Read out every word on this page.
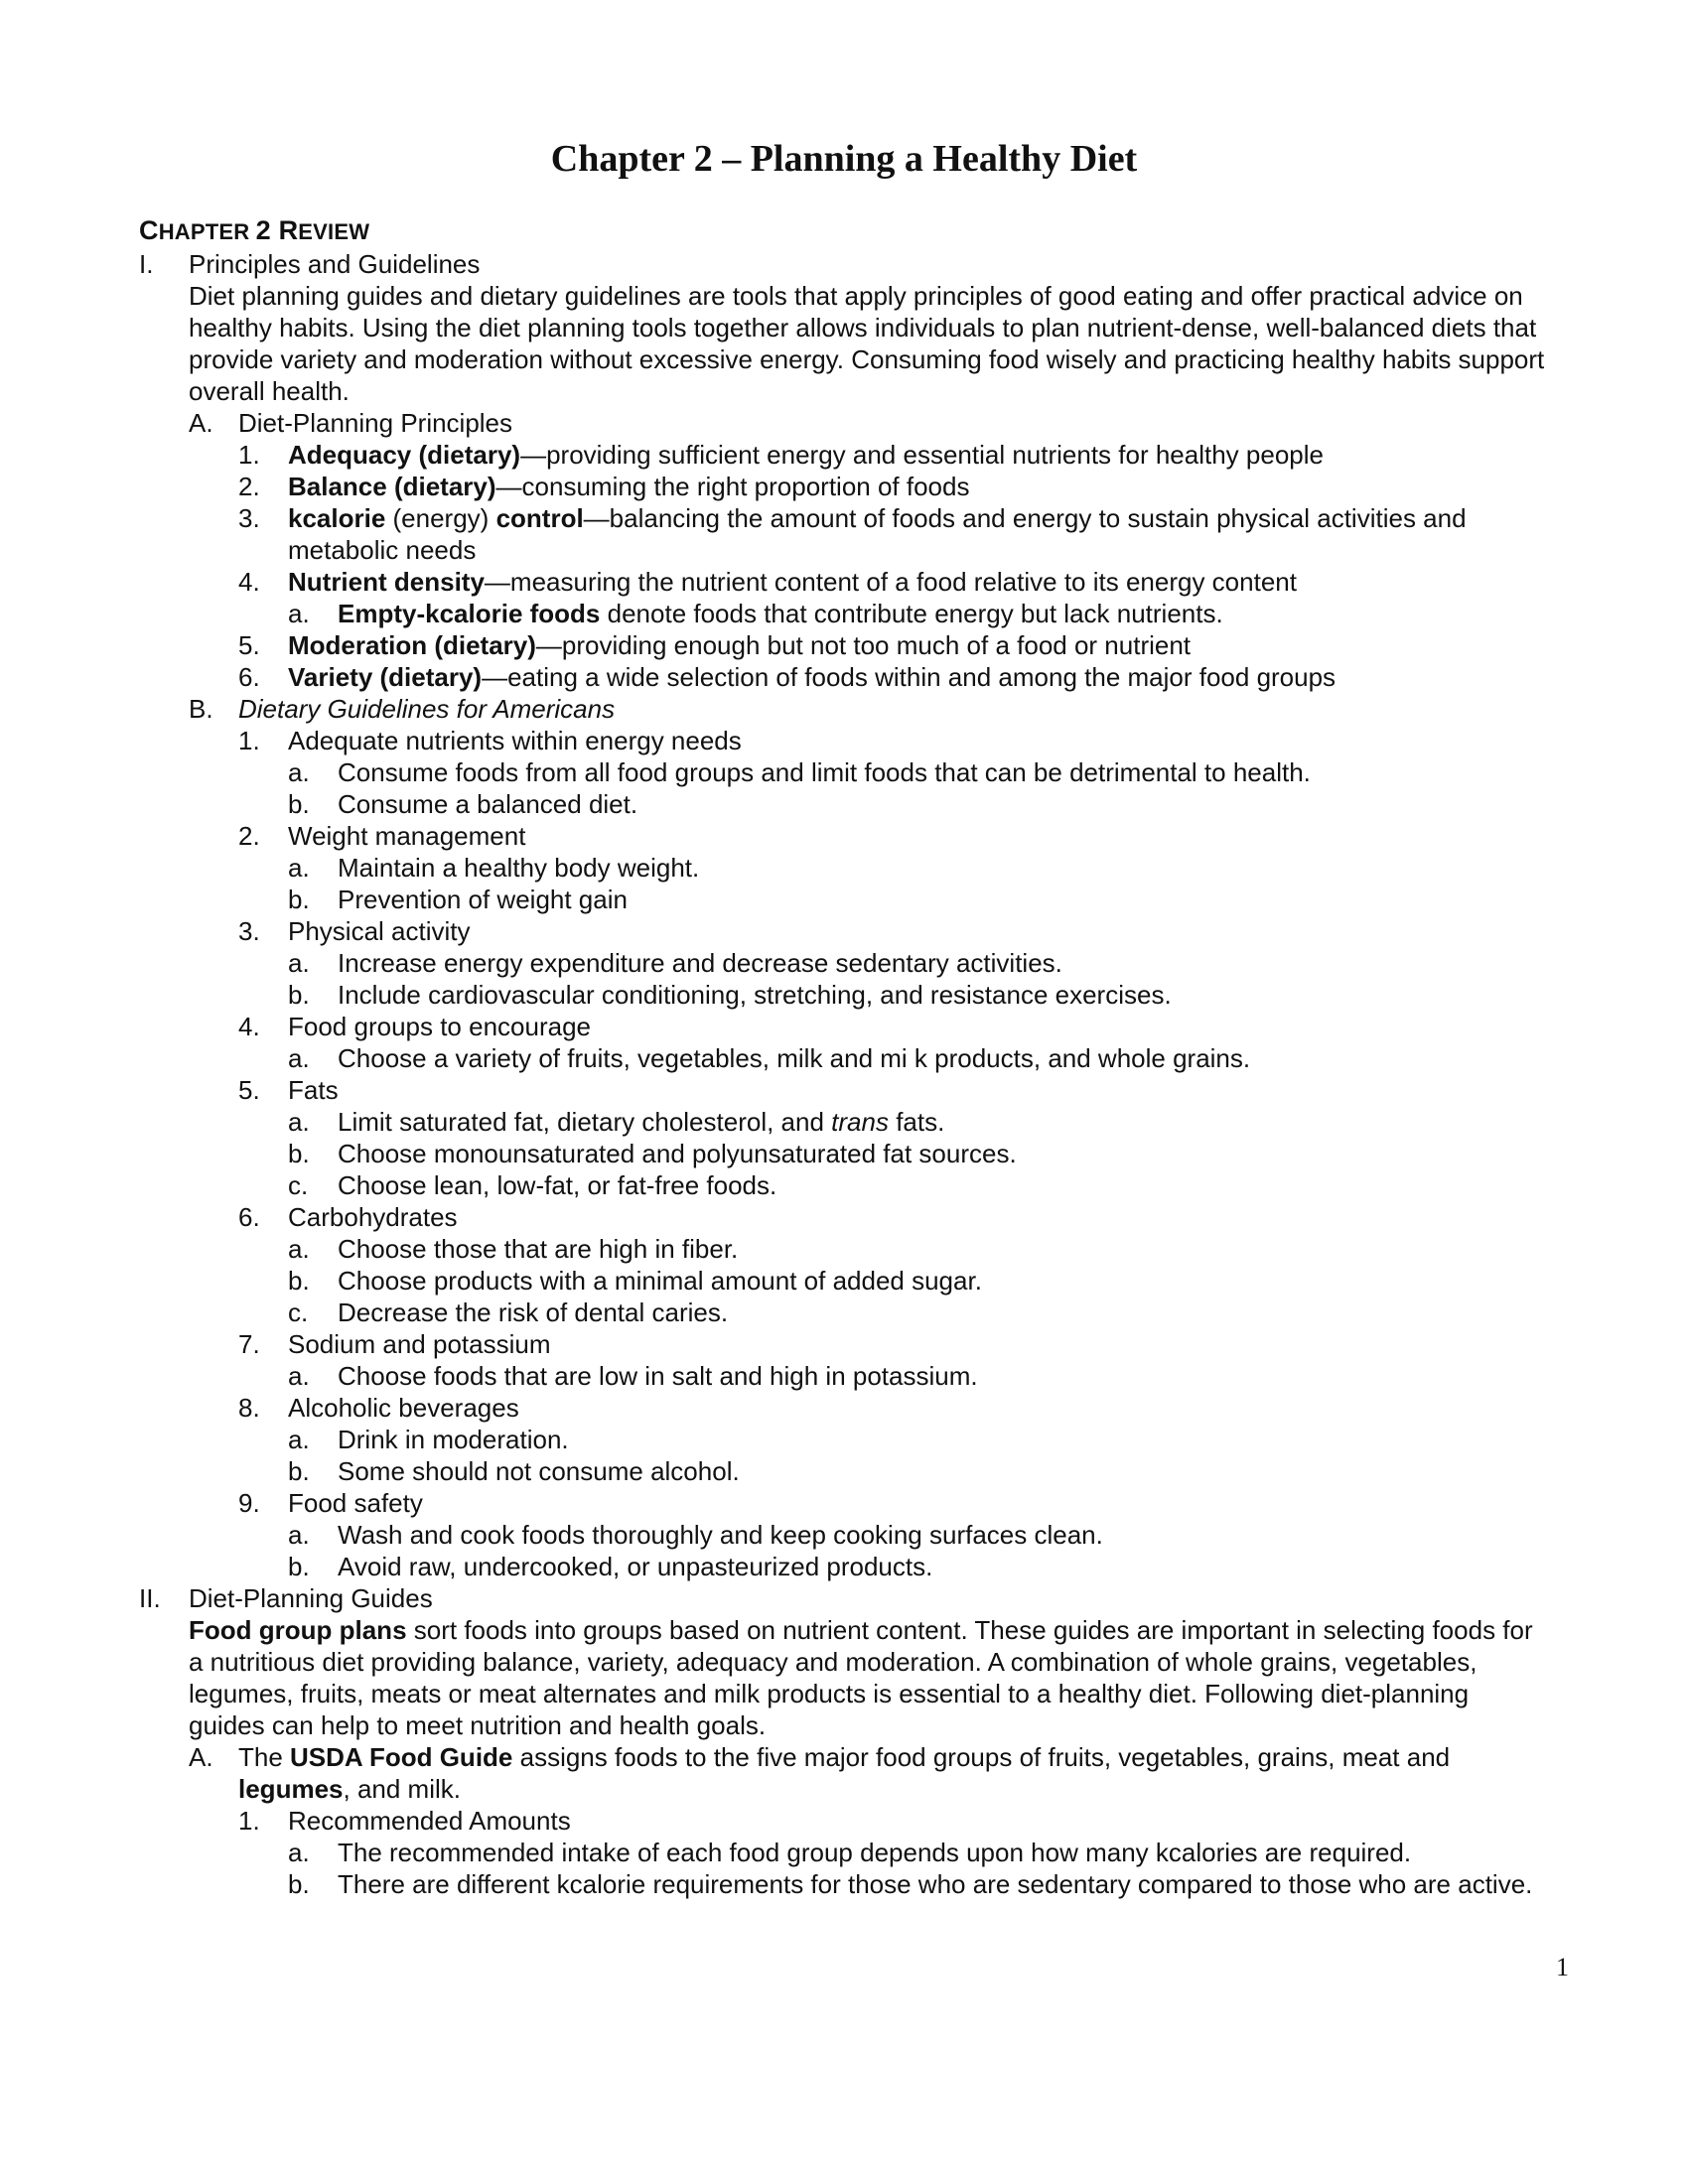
Chapter 2 – Planning a Healthy Diet

CHAPTER 2 REVIEW

I.	Principles and Guidelines
Diet planning guides and dietary guidelines are tools that apply principles of good eating and offer practical advice on healthy habits. Using the diet planning tools together allows individuals to plan nutrient-dense, well-balanced diets that provide variety and moderation without excessive energy. Consuming food wisely and practicing healthy habits support overall health.
A. Diet-Planning Principles
1.	Adequacy (dietary)—providing sufficient energy and essential nutrients for healthy people
2.	Balance (dietary)—consuming the right proportion of foods
3.	kcalorie (energy) control—balancing the amount of foods and energy to sustain physical activities and metabolic needs
4.	Nutrient density—measuring the nutrient content of a food relative to its energy content
a.	Empty-kcalorie foods denote foods that contribute energy but lack nutrients.
5.	Moderation (dietary)—providing enough but not too much of a food or nutrient
6.	Variety (dietary)—eating a wide selection of foods within and among the major food groups
B. Dietary Guidelines for Americans
1.	Adequate nutrients within energy needs
a.	Consume foods from all food groups and limit foods that can be detrimental to health.
b.	Consume a balanced diet.
2.	Weight management
a.	Maintain a healthy body weight.
b.	Prevention of weight gain
3.	Physical activity
a.	Increase energy expenditure and decrease sedentary activities.
b.	Include cardiovascular conditioning, stretching, and resistance exercises.
4.	Food groups to encourage
a.	Choose a variety of fruits, vegetables, milk and mi k products, and whole grains.
5.	Fats
a.	Limit saturated fat, dietary cholesterol, and trans fats.
b.	Choose monounsaturated and polyunsaturated fat sources.
c.	Choose lean, low-fat, or fat-free foods.
6.	Carbohydrates
a.	Choose those that are high in fiber.
b.	Choose products with a minimal amount of added sugar.
c.	Decrease the risk of dental caries.
7.	Sodium and potassium
a.	Choose foods that are low in salt and high in potassium.
8.	Alcoholic beverages
a.	Drink in moderation.
b.	Some should not consume alcohol.
9.	Food safety
a.	Wash and cook foods thoroughly and keep cooking surfaces clean.
b.	Avoid raw, undercooked, or unpasteurized products.
II.	Diet-Planning Guides
Food group plans sort foods into groups based on nutrient content. These guides are important in selecting foods for a nutritious diet providing balance, variety, adequacy and moderation. A combination of whole grains, vegetables, legumes, fruits, meats or meat alternates and milk products is essential to a healthy diet. Following diet-planning guides can help to meet nutrition and health goals.
A. The USDA Food Guide assigns foods to the five major food groups of fruits, vegetables, grains, meat and legumes, and milk.
1.	Recommended Amounts
a.	The recommended intake of each food group depends upon how many kcalories are required.
b.	There are different kcalorie requirements for those who are sedentary compared to those who are active.
1
